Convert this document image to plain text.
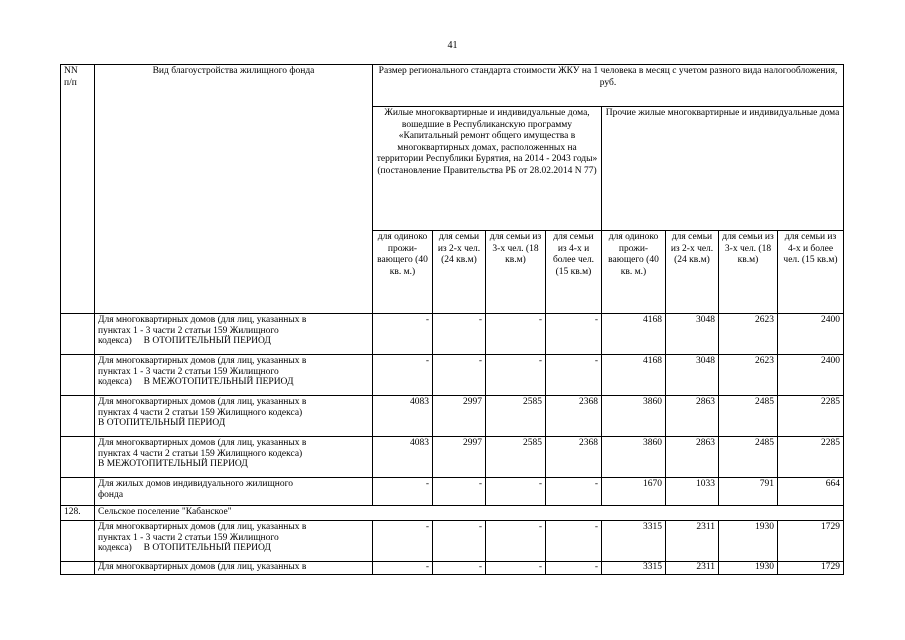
41
NN
п/п	Вид благоустройства жилищного фонда	Размер регионального стандарта стоимости ЖКУ на 1 человека в месяц с учетом разного вида налогообложения, руб.							
		Жилые многоквартирные и индивидуальные дома, вошедшие в Республиканскую программу «Капитальный ремонт общего имущества в многоквартирных домах, расположенных на территории Республики Бурятия, на 2014 - 2043 годы» (постановление Правительства РБ от 28.02.2014 N 77)				Прочие жилые многоквартирные и индивидуальные дома			
		для одиноко прожи-вающего (40 кв. м.)	для семьи из 2-х чел. (24 кв.м)	для семьи из 3-х чел. (18 кв.м)	для семьи из 4-х и более чел. (15 кв.м)	для одиноко прожи-вающего (40 кв. м.)	для семьи из 2-х чел. (24 кв.м)	для семьи из 3-х чел. (18 кв.м)	для семьи из 4-х и более чел. (15 кв.м)

	Для многоквартирных домов (для лиц, указанных в
пунктах 1 - 3 части 2 статьи 159 Жилищного
кодекса)     В ОТОПИТЕЛЬНЫЙ ПЕРИОД	-	-	-	-	4168	3048	2623	2400

	Для многоквартирных домов (для лиц, указанных в
пунктах 1 - 3 части 2 статьи 159 Жилищного
кодекса)     В МЕЖОТОПИТЕЛЬНЫЙ ПЕРИОД	-	-	-	-	4168	3048	2623	2400

	Для многоквартирных домов (для лиц, указанных в
пунктах 4 части 2 статьи 159 Жилищного кодекса)
В ОТОПИТЕЛЬНЫЙ ПЕРИОД	4083	2997	2585	2368	3860	2863	2485	2285

	Для многоквартирных домов (для лиц, указанных в
пунктах 4 части 2 статьи 159 Жилищного кодекса)
В МЕЖОТОПИТЕЛЬНЫЙ ПЕРИОД	4083	2997	2585	2368	3860	2863	2485	2285

	Для жилых домов индивидуального жилищного
фонда	-	-	-	-	1670	1033	791	664
128.	Сельское поселение "Кабанское"								

	Для многоквартирных домов (для лиц, указанных в
пунктах 1 - 3 части 2 статьи 159 Жилищного
кодекса)     В ОТОПИТЕЛЬНЫЙ ПЕРИОД	-	-	-	-	3315	2311	1930	1729
	Для многоквартирных домов (для лиц, указанных в	-	-	-	-	3315	2311	1930	1729
